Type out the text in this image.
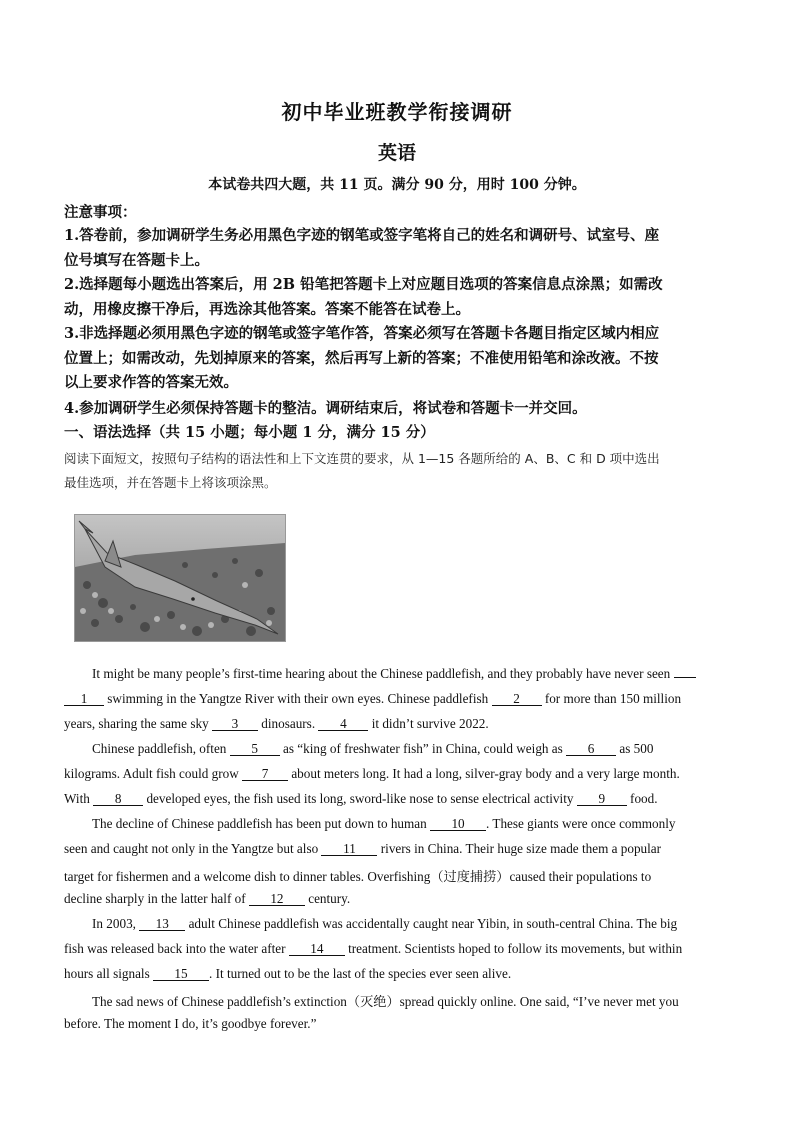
初中毕业班教学衔接调研
英语
本试卷共四大题，共 11 页。满分 90 分，用时 100 分钟。
注意事项：
1.答卷前，参加调研学生务必用黑色字迹的钢笔或签字笔将自己的姓名和调研号、试室号、座
位号填写在答题卡上。
2.选择题每小题选出答案后，用 2B 铅笔把答题卡上对应题目选项的答案信息点涂黑；如需改
动，用橡皮擦干净后，再选涂其他答案。答案不能答在试卷上。
3.非选择题必须用黑色字迹的钢笔或签字笔作答，答案必须写在答题卡各题目指定区域内相应
位置上；如需改动，先划掉原来的答案，然后再写上新的答案；不准使用铅笔和涂改液。不按
以上要求作答的答案无效。
4.参加调研学生必须保持答题卡的整洁。调研结束后，将试卷和答题卡一并交回。
一、语法选择（共 15 小题；每小题 1 分，满分 15 分）
阅读下面短文，按照句子结构的语法性和上下文连贯的要求，从 1—15 各题所给的 A、B、C 和 D 项中选出
最佳选项，并在答题卡上将该项涂黑。
It might be many people’s first-time hearing about the Chinese paddlefish, and they probably have never seen
1 swimming in the Yangtze River with their own eyes. Chinese paddlefish 2 for more than 150 million
years, sharing the same sky 3 dinosaurs. 4 it didn’t survive 2022.
Chinese paddlefish, often 5 as “king of freshwater fish” in China, could weigh as 6 as 500
kilograms. Adult fish could grow 7 about meters long. It had a long, silver-gray body and a very large month.
With 8 developed eyes, the fish used its long, sword-like nose to sense electrical activity 9 food.
The decline of Chinese paddlefish has been put down to human 10 . These giants were once commonly
seen and caught not only in the Yangtze but also 11 rivers in China. Their huge size made them a popular
target for fishermen and a welcome dish to dinner tables. Overfishing（过度捕捞）caused their populations to
decline sharply in the latter half of 12 century.
In 2003, 13 adult Chinese paddlefish was accidentally caught near Yibin, in south-central China. The big
fish was released back into the water after 14 treatment. Scientists hoped to follow its movements, but within
hours all signals 15 . It turned out to be the last of the species ever seen alive.
The sad news of Chinese paddlefish’s extinction（灭绝）spread quickly online. One said, “I’ve never met you
before. The moment I do, it’s goodbye forever.”
